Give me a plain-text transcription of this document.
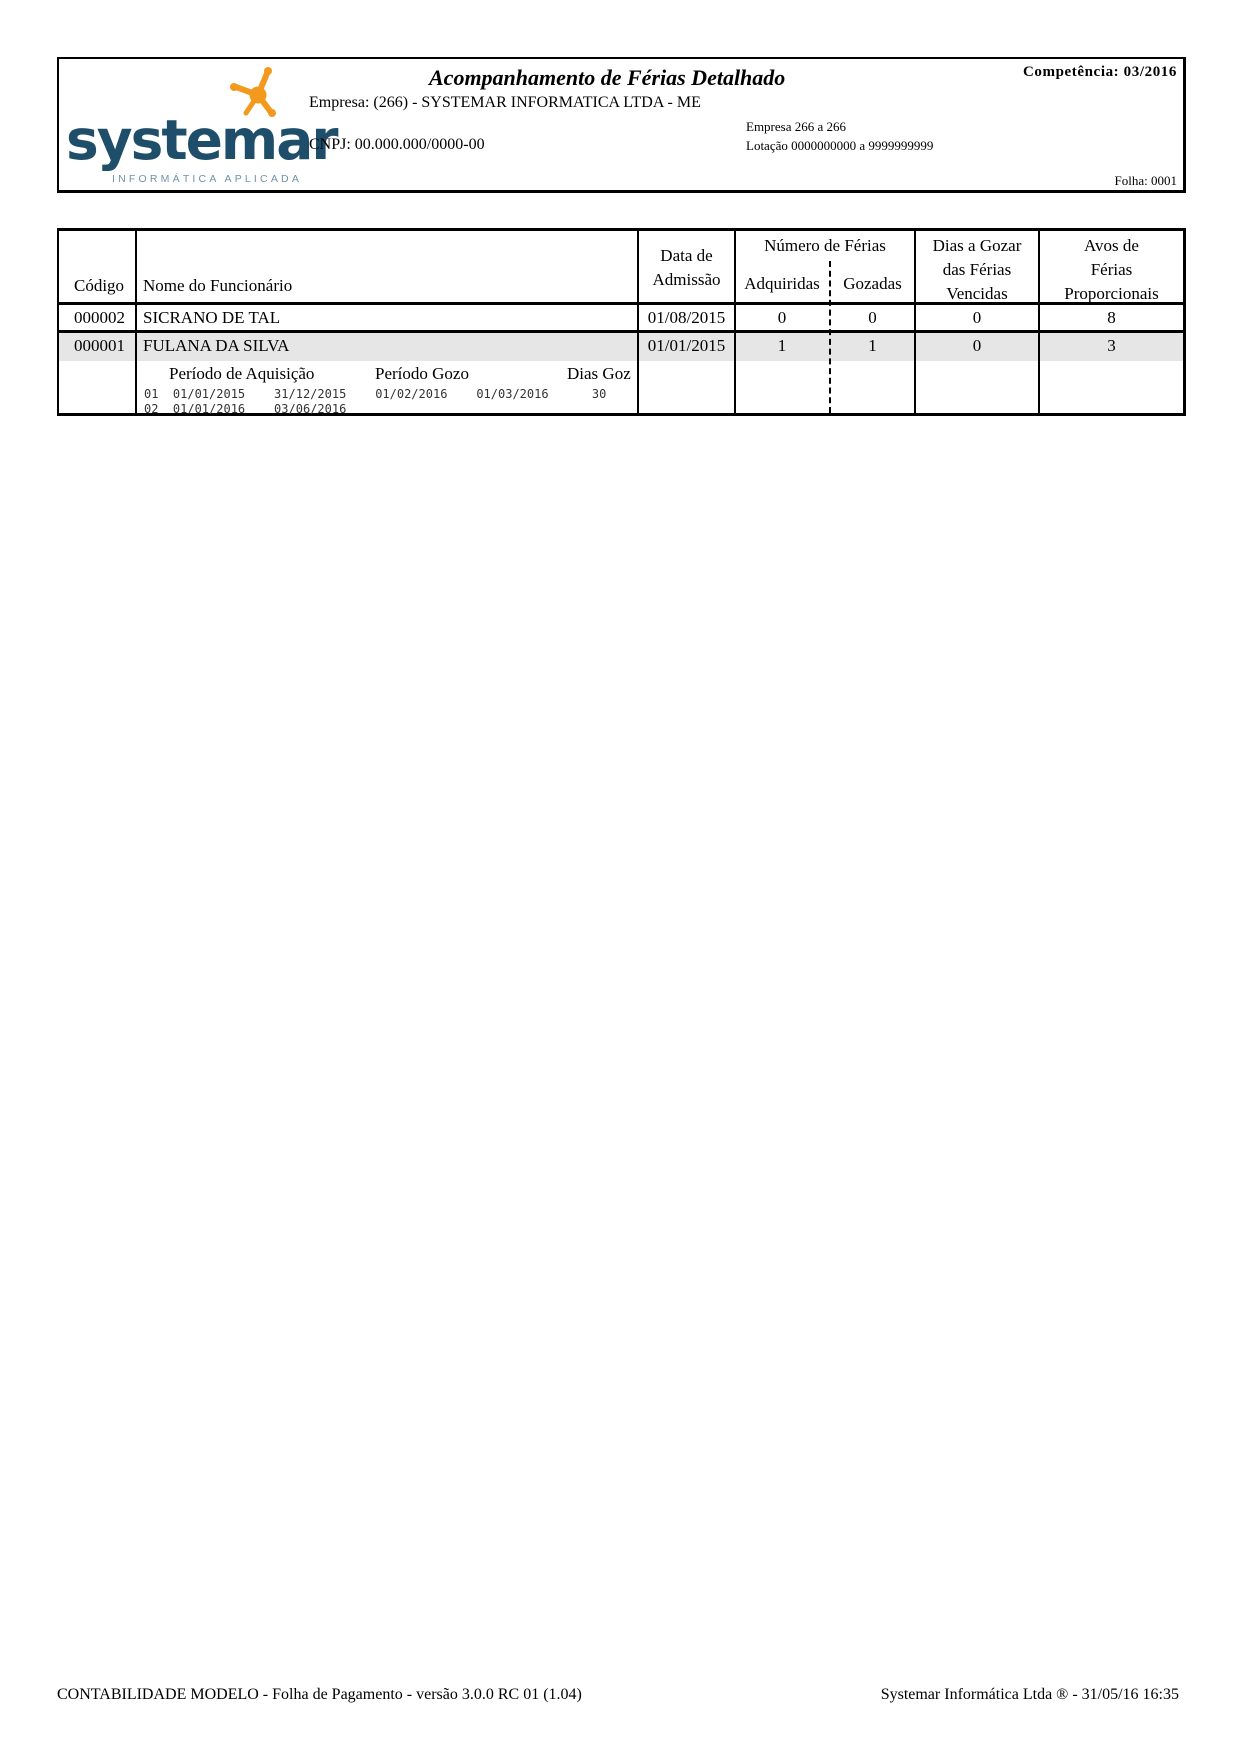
systemar
INFORMÁTICA APLICADA
Acompanhamento de Férias Detalhado	Competência: 03/2016
Empresa: (266) - SYSTEMAR INFORMATICA LTDA - ME
CNPJ: 00.000.000/0000-00
Empresa 266 a 266
Lotação 0000000000 a 9999999999
Folha: 0001
Código Nome do Funcionário
Data de
Admissão
Número de Férias
Adquiridas	Gozadas
Dias a Gozar
das Férias
Vencidas
Avos de
Férias
Proporcionais
000002 SICRANO DE TAL	01/08/2015	0	0	0	8
000001 FULANA DA SILVA	01/01/2015	1	1	0	3
Período de Aquisição	Período Gozo	Dias Goz
01  01/01/2015    31/12/2015    01/02/2016    01/03/2016      30
02  01/01/2016    03/06/2016
CONTABILIDADE MODELO - Folha de Pagamento - versão 3.0.0 RC 01 (1.04)	Systemar Informática Ltda ® - 31/05/16 16:35
